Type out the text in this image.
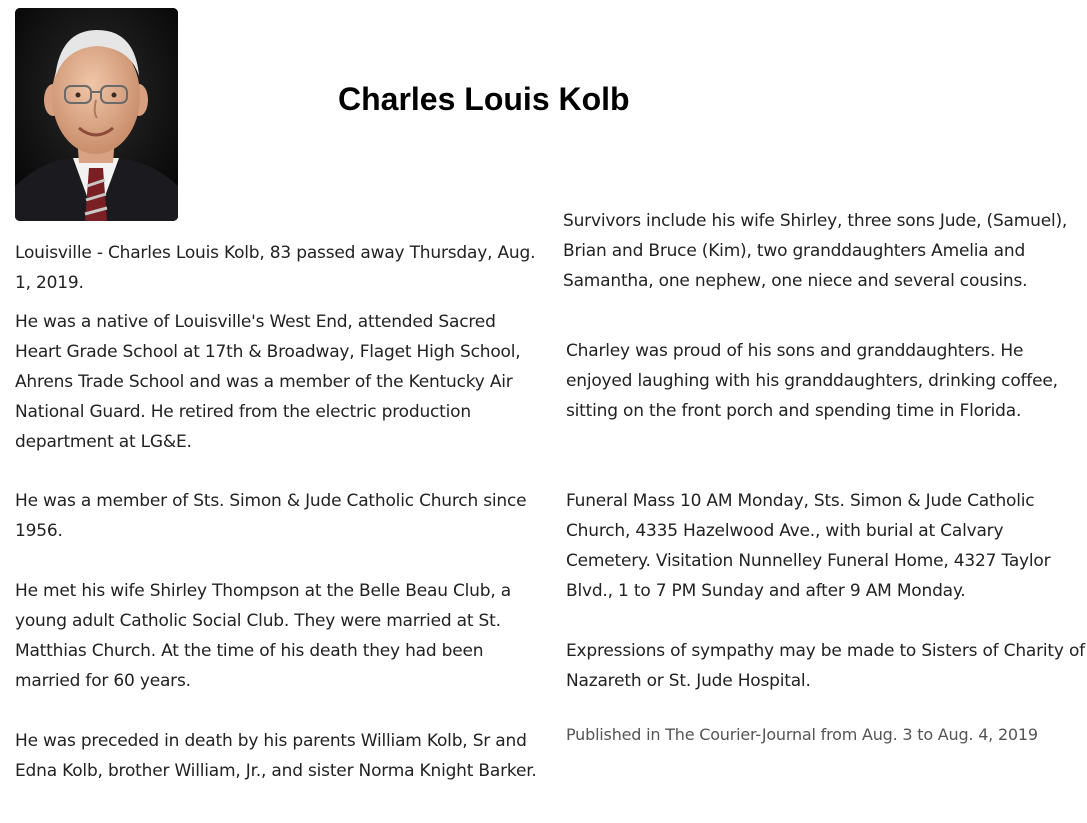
Charles Louis Kolb

Louisville - Charles Louis Kolb, 83 passed away Thursday, Aug. 1, 2019.

He was a native of Louisville's West End, attended Sacred Heart Grade School at 17th & Broadway, Flaget High School, Ahrens Trade School and was a member of the Kentucky Air National Guard. He retired from the electric production department at LG&E.

He was a member of Sts. Simon & Jude Catholic Church since 1956.

He met his wife Shirley Thompson at the Belle Beau Club, a young adult Catholic Social Club. They were married at St. Matthias Church. At the time of his death they had been married for 60 years.

He was preceded in death by his parents William Kolb, Sr and Edna Kolb, brother William, Jr., and sister Norma Knight Barker.

Survivors include his wife Shirley, three sons Jude, (Samuel), Brian and Bruce (Kim), two granddaughters Amelia and Samantha, one nephew, one niece and several cousins.

Charley was proud of his sons and granddaughters. He enjoyed laughing with his granddaughters, drinking coffee, sitting on the front porch and spending time in Florida.

Funeral Mass 10 AM Monday, Sts. Simon & Jude Catholic Church, 4335 Hazelwood Ave., with burial at Calvary Cemetery. Visitation Nunnelley Funeral Home, 4327 Taylor Blvd., 1 to 7 PM Sunday and after 9 AM Monday.

Expressions of sympathy may be made to Sisters of Charity of Nazareth or St. Jude Hospital.

Published in The Courier-Journal from Aug. 3 to Aug. 4, 2019
